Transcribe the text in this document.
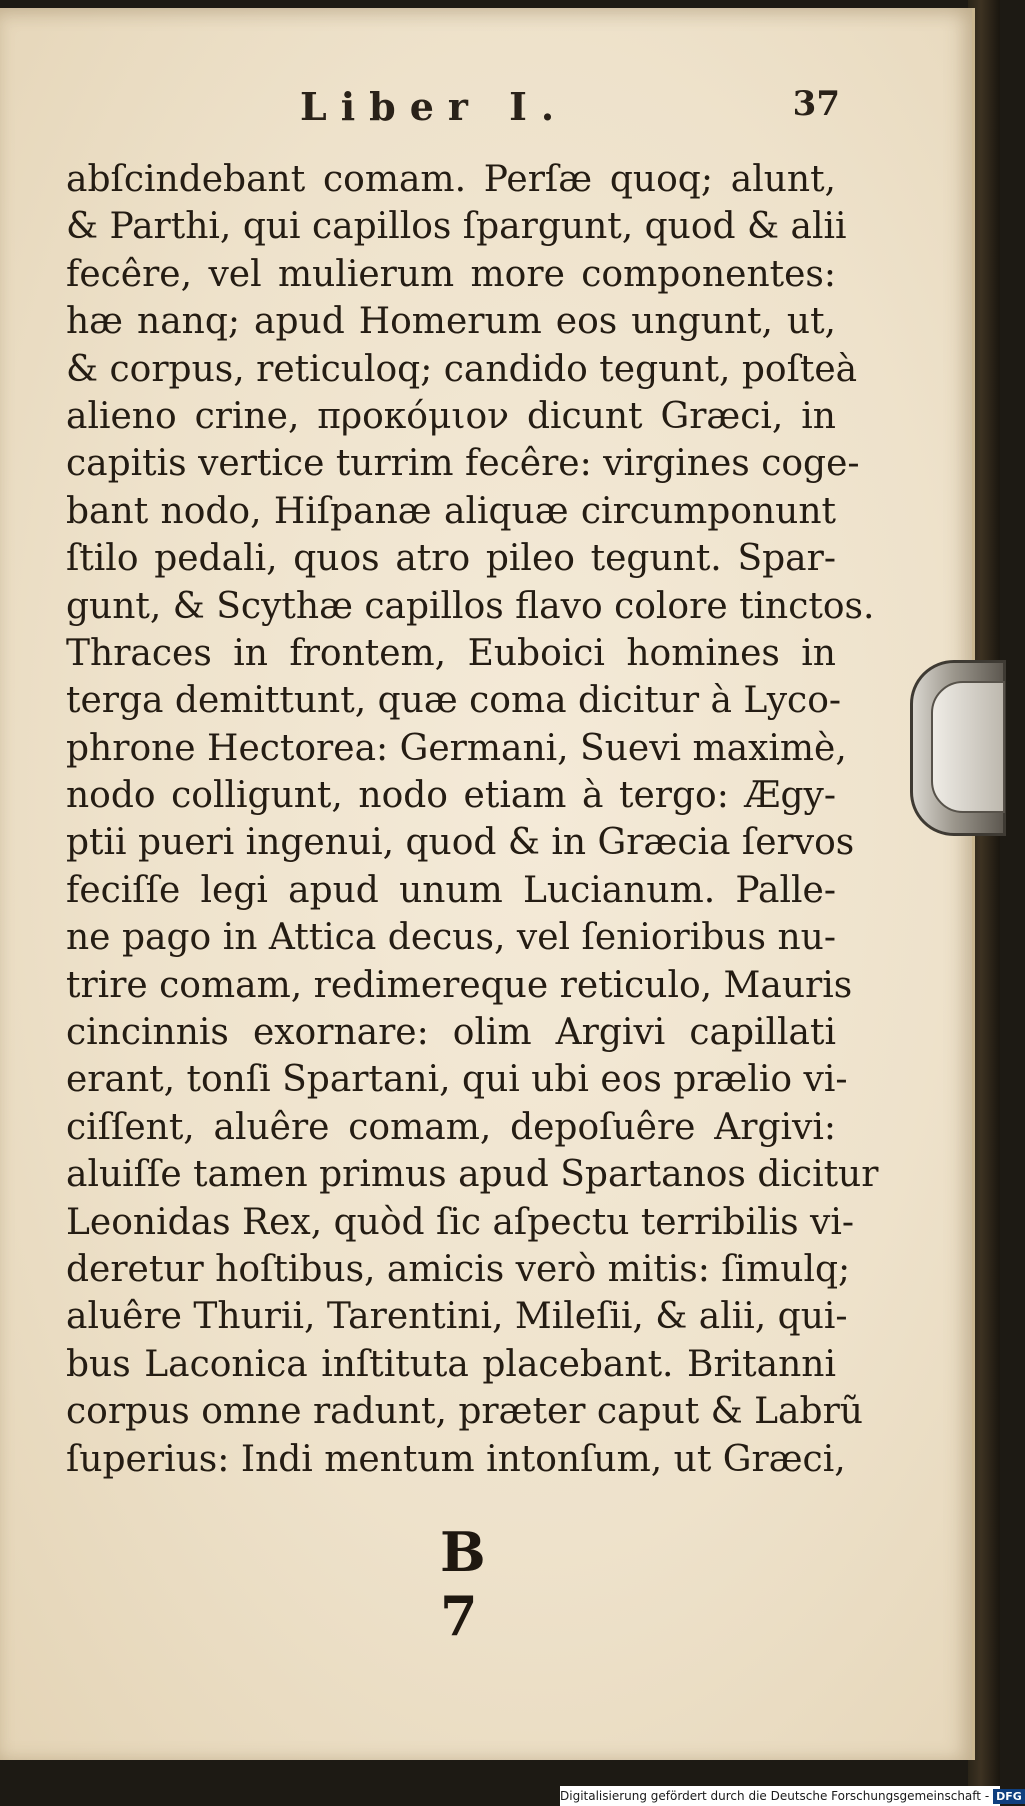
Liber I.	37
abſcindebant comam. Perſæ quoq; alunt,
& Parthi, qui capillos ſpargunt, quod & alii
fecêre, vel mulierum more componentes:
hæ nanq; apud Homerum eos ungunt, ut,
& corpus, reticuloq; candido tegunt, poſteà
alieno crine, προκόμιον dicunt Græci, in
capitis vertice turrim fecêre: virgines coge-
bant nodo, Hiſpanæ aliquæ circumponunt
ſtilo pedali, quos atro pileo tegunt. Spar-
gunt, & Scythæ capillos flavo colore tinctos.
Thraces in frontem, Euboici homines in
terga demittunt, quæ coma dicitur à Lyco-
phrone Hectorea: Germani, Suevi maximè,
nodo colligunt, nodo etiam à tergo: Ægy-
ptii pueri ingenui, quod & in Græcia ſervos
feciſſe legi apud unum Lucianum. Palle-
ne pago in Attica decus, vel ſenioribus nu-
trire comam, redimereque reticulo, Mauris
cincinnis exornare: olim Argivi capillati
erant, tonſi Spartani, qui ubi eos prælio vi-
ciſſent, aluêre comam, depoſuêre Argivi:
aluiſſe tamen primus apud Spartanos dicitur
Leonidas Rex, quòd ſic aſpectu terribilis vi-
deretur hoſtibus, amicis verò mitis: ſimulq;
aluêre Thurii, Tarentini, Mileſii, & alii, qui-
bus Laconica inſtituta placebant. Britanni
corpus omne radunt, præter caput & Labrũ
ſuperius: Indi mentum intonſum, ut Græci,
B 7
Digitalisierung gefördert durch die Deutsche Forschungsgemeinschaft - DFG
